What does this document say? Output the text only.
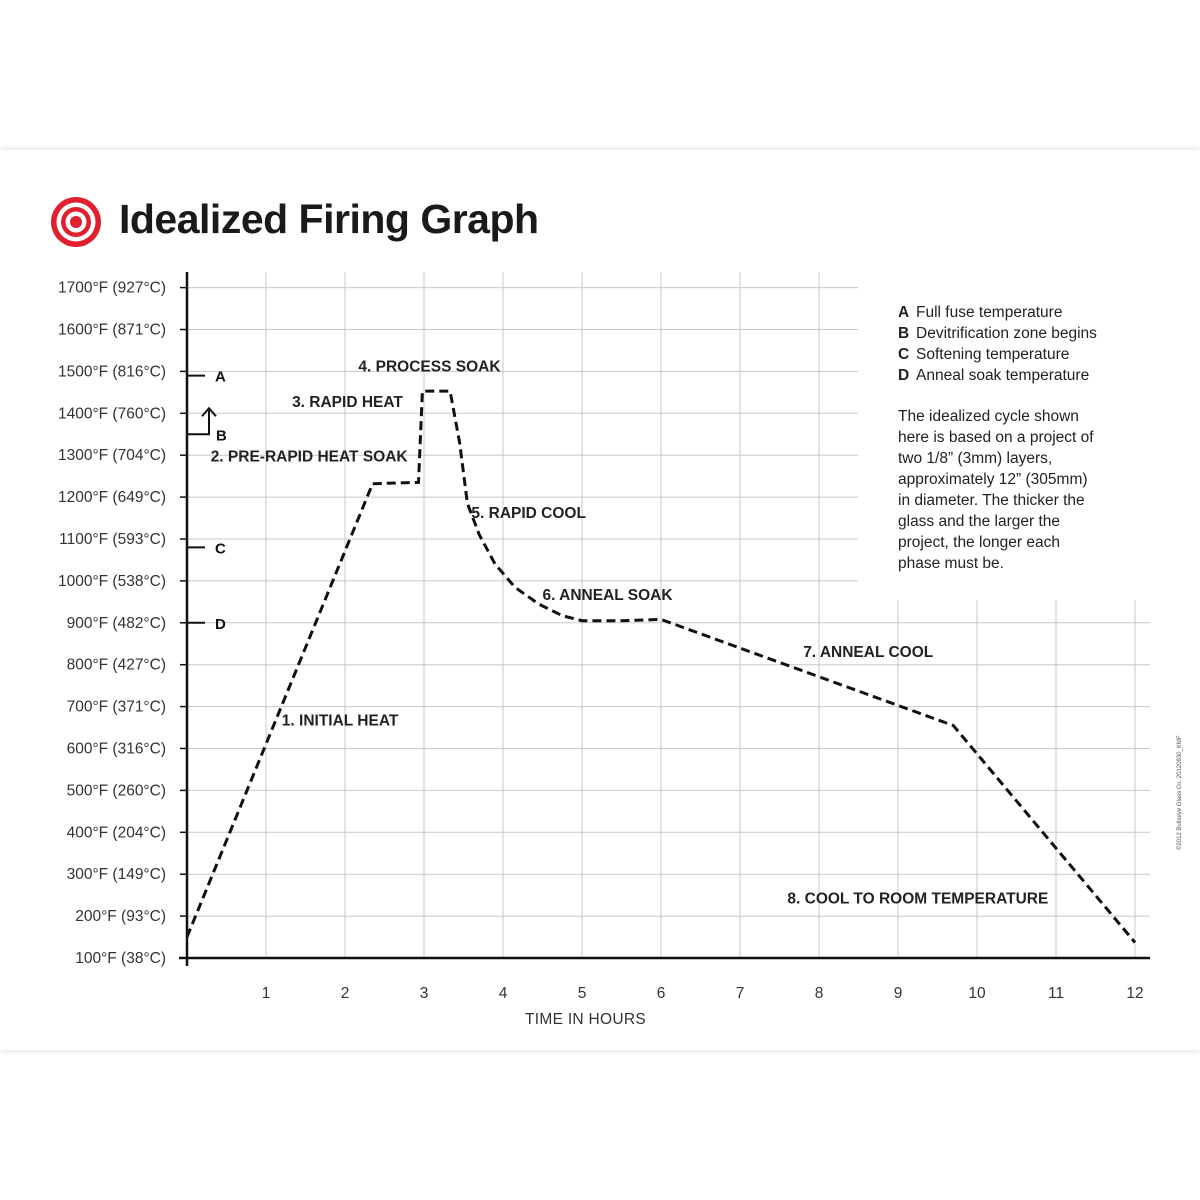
Idealized Firing Graph
1700°F (927°C)
1600°F (871°C)
1500°F (816°C)
1400°F (760°C)
1300°F (704°C)
1200°F (649°C)
1100°F (593°C)
1000°F (538°C)
900°F (482°C)
800°F (427°C)
700°F (371°C)
600°F (316°C)
500°F (260°C)
400°F (204°C)
300°F (149°C)
200°F (93°C)
100°F (38°C)
1	2	3	4	5	6	7	8	9	10	11	12
TIME IN HOURS
A
B
C
D
1. INITIAL HEAT
2. PRE-RAPID HEAT SOAK
3. RAPID HEAT
4. PROCESS SOAK
5. RAPID COOL
6. ANNEAL SOAK
7. ANNEAL COOL
8. COOL TO ROOM TEMPERATURE
A Full fuse temperature
B Devitrification zone begins
C Softening temperature
D Anneal soak temperature
The idealized cycle shown
here is based on a project of
two 1/8” (3mm) layers,
approximately 12” (305mm)
in diameter. The thicker the
glass and the larger the
project, the longer each
phase must be.
©2012 Bullseye Glass Co. 20120830_KMF
